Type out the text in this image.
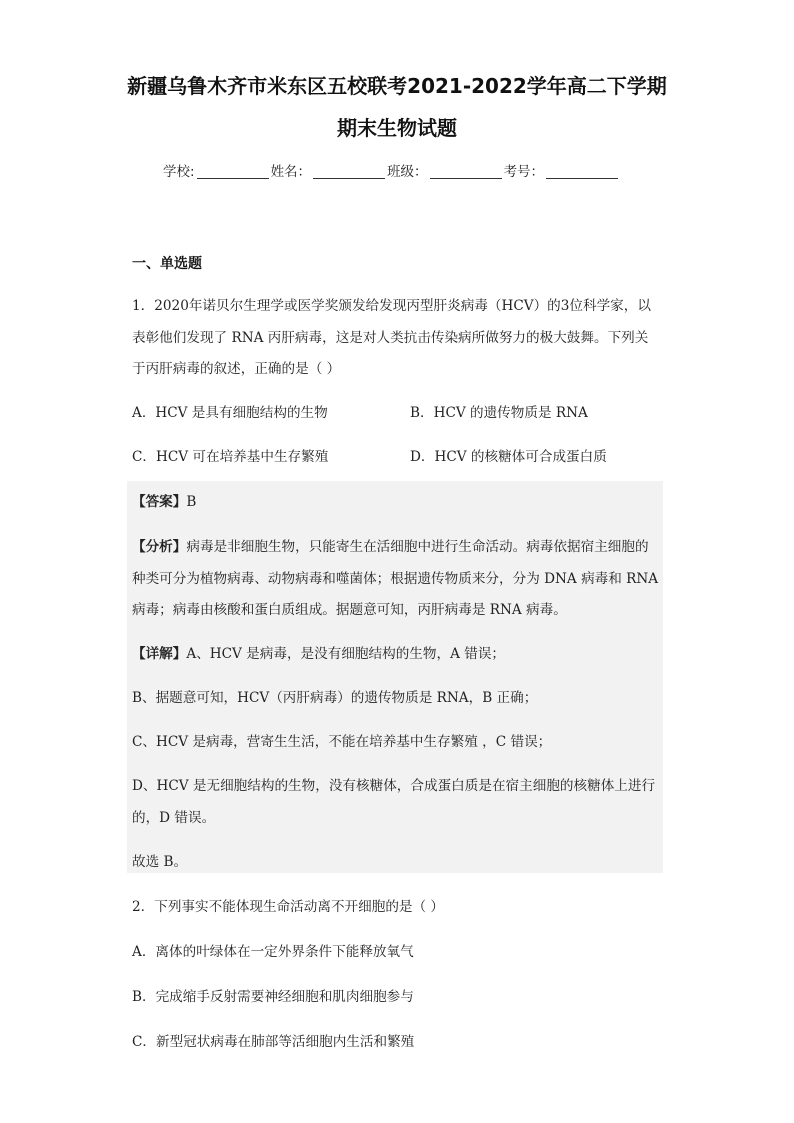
新疆乌鲁木齐市米东区五校联考2021-2022学年高二下学期
期末生物试题
学校:	姓名：	班级：	考号：
一、单选题
1．2020年诺贝尔生理学或医学奖颁发给发现丙型肝炎病毒（HCV）的3位科学家，以
表彰他们发现了 RNA 丙肝病毒，这是对人类抗击传染病所做努力的极大鼓舞。下列关
于丙肝病毒的叙述，正确的是（ ）
A．HCV 是具有细胞结构的生物	B．HCV 的遗传物质是 RNA
C．HCV 可在培养基中生存繁殖	D．HCV 的核糖体可合成蛋白质
【答案】B
【分析】病毒是非细胞生物，只能寄生在活细胞中进行生命活动。病毒依据宿主细胞的
种类可分为植物病毒、动物病毒和噬菌体；根据遗传物质来分，分为 DNA 病毒和 RNA
病毒；病毒由核酸和蛋白质组成。据题意可知，丙肝病毒是 RNA 病毒。
【详解】A、HCV 是病毒，是没有细胞结构的生物，A 错误；
B、据题意可知，HCV（丙肝病毒）的遗传物质是 RNA，B 正确；
C、HCV 是病毒，营寄生生活，不能在培养基中生存繁殖 ，C 错误；
D、HCV 是无细胞结构的生物，没有核糖体，合成蛋白质是在宿主细胞的核糖体上进行
的，D 错误。
故选 B。
2．下列事实不能体现生命活动离不开细胞的是（ ）
A．离体的叶绿体在一定外界条件下能释放氧气
B．完成缩手反射需要神经细胞和肌肉细胞参与
C．新型冠状病毒在肺部等活细胞内生活和繁殖
